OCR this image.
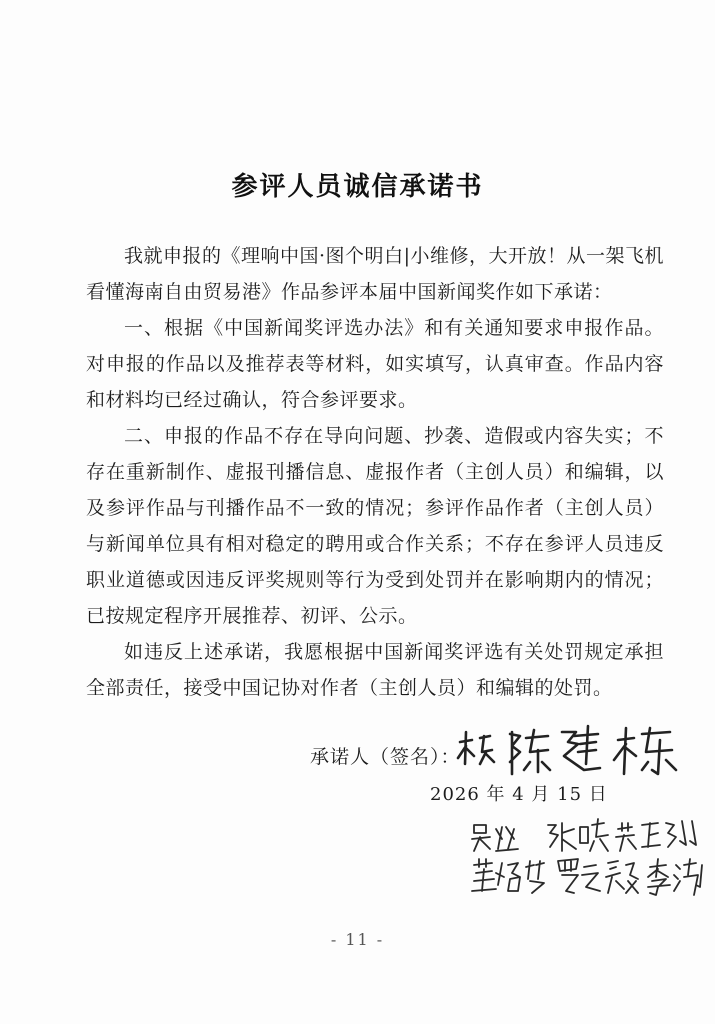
参评人员诚信承诺书

我就申报的《理响中国·图个明白|小维修，大开放！从一架飞机看懂海南自由贸易港》作品参评本届中国新闻奖作如下承诺：

一、根据《中国新闻奖评选办法》和有关通知要求申报作品。对申报的作品以及推荐表等材料，如实填写，认真审查。作品内容和材料均已经过确认，符合参评要求。

二、申报的作品不存在导向问题、抄袭、造假或内容失实；不存在重新制作、虚报刊播信息、虚报作者（主创人员）和编辑，以及参评作品与刊播作品不一致的情况；参评作品作者（主创人员）与新闻单位具有相对稳定的聘用或合作关系；不存在参评人员违反职业道德或因违反评奖规则等行为受到处罚并在影响期内的情况；已按规定程序开展推荐、初评、公示。

如违反上述承诺，我愿根据中国新闻奖评选有关处罚规定承担全部责任，接受中国记协对作者（主创人员）和编辑的处罚。

承诺人（签名）：
2026 年 4 月 15 日
- 11 -
